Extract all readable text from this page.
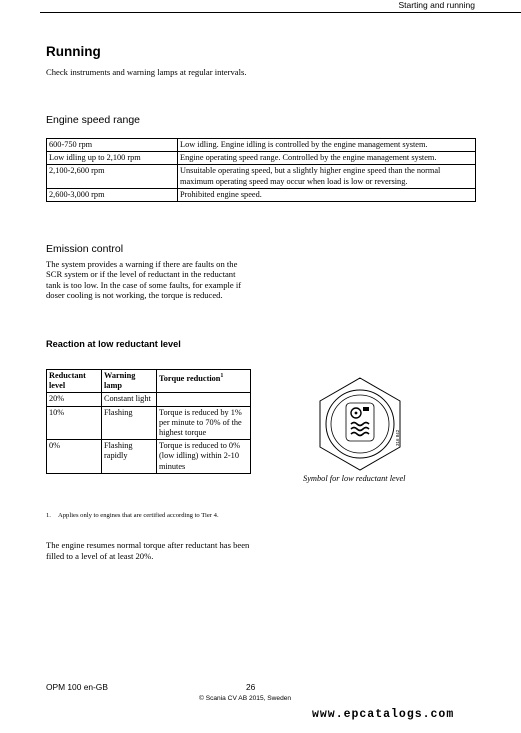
Starting and running
Running
Check instruments and warning lamps at regular intervals.
Engine speed range
600-750 rpm	Low idling. Engine idling is controlled by the engine management system.
Low idling up to 2,100 rpm	Engine operating speed range. Controlled by the engine management system.
2,100-2,600 rpm	Unsuitable operating speed, but a slightly higher engine speed than the normal maximum operating speed may occur when load is low or reversing.
2,600-3,000 rpm	Prohibited engine speed.
Emission control
The system provides a warning if there are faults on the SCR system or if the level of reductant in the reductant tank is too low. In the case of some faults, for example if doser cooling is not working, the torque is reduced.
Reaction at low reductant level
Reductant level	Warning lamp	Torque reduction$^1$
20%	Constant light	
10%	Flashing	Torque is reduced by 1% per minute to 70% of the highest torque
0%	Flashing rapidly	Torque is reduced to 0% (low idling) within 2-10 minutes
1. Applies only to engines that are certified according to Tier 4.
The engine resumes normal torque after reductant has been filled to a level of at least 20%.
316 842
Symbol for low reductant level
OPM 100 en-GB	26
© Scania CV AB 2015, Sweden
www.epcatalogs.com
